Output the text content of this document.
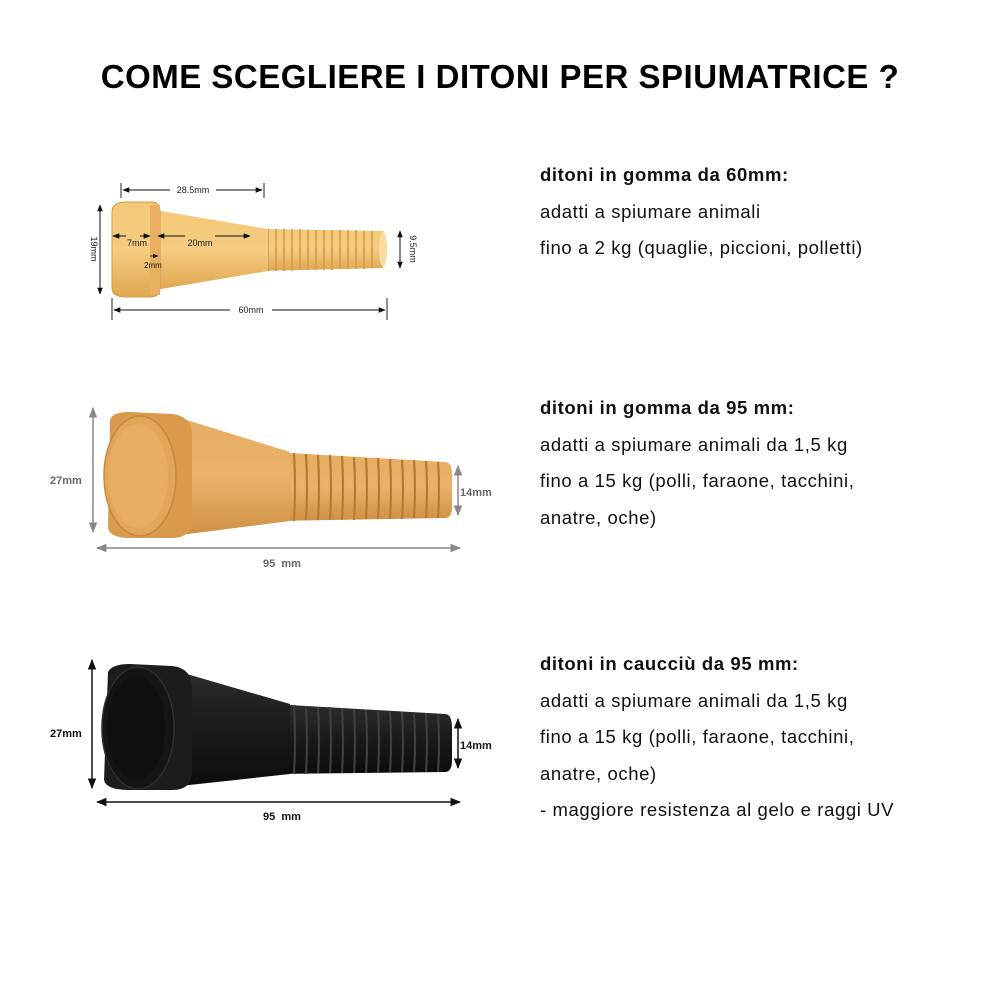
COME SCEGLIERE I DITONI PER SPIUMATRICE ?
ditoni in gomma da 60mm:
adatti a spiumare animali
fino a 2 kg (quaglie, piccioni, polletti)
ditoni in gomma da 95 mm:
adatti a spiumare animali da 1,5 kg
fino a 15 kg (polli, faraone, tacchini,
anatre, oche)
ditoni in caucciù da 95 mm:
adatti a spiumare animali da 1,5 kg
fino a 15 kg (polli, faraone, tacchini,
anatre, oche)
- maggiore resistenza al gelo e raggi UV
28.5mm
19mm	9.5mm
7mm	20mm
2mm
60mm
27mm
14mm
95  mm
27mm
14mm
95  mm
